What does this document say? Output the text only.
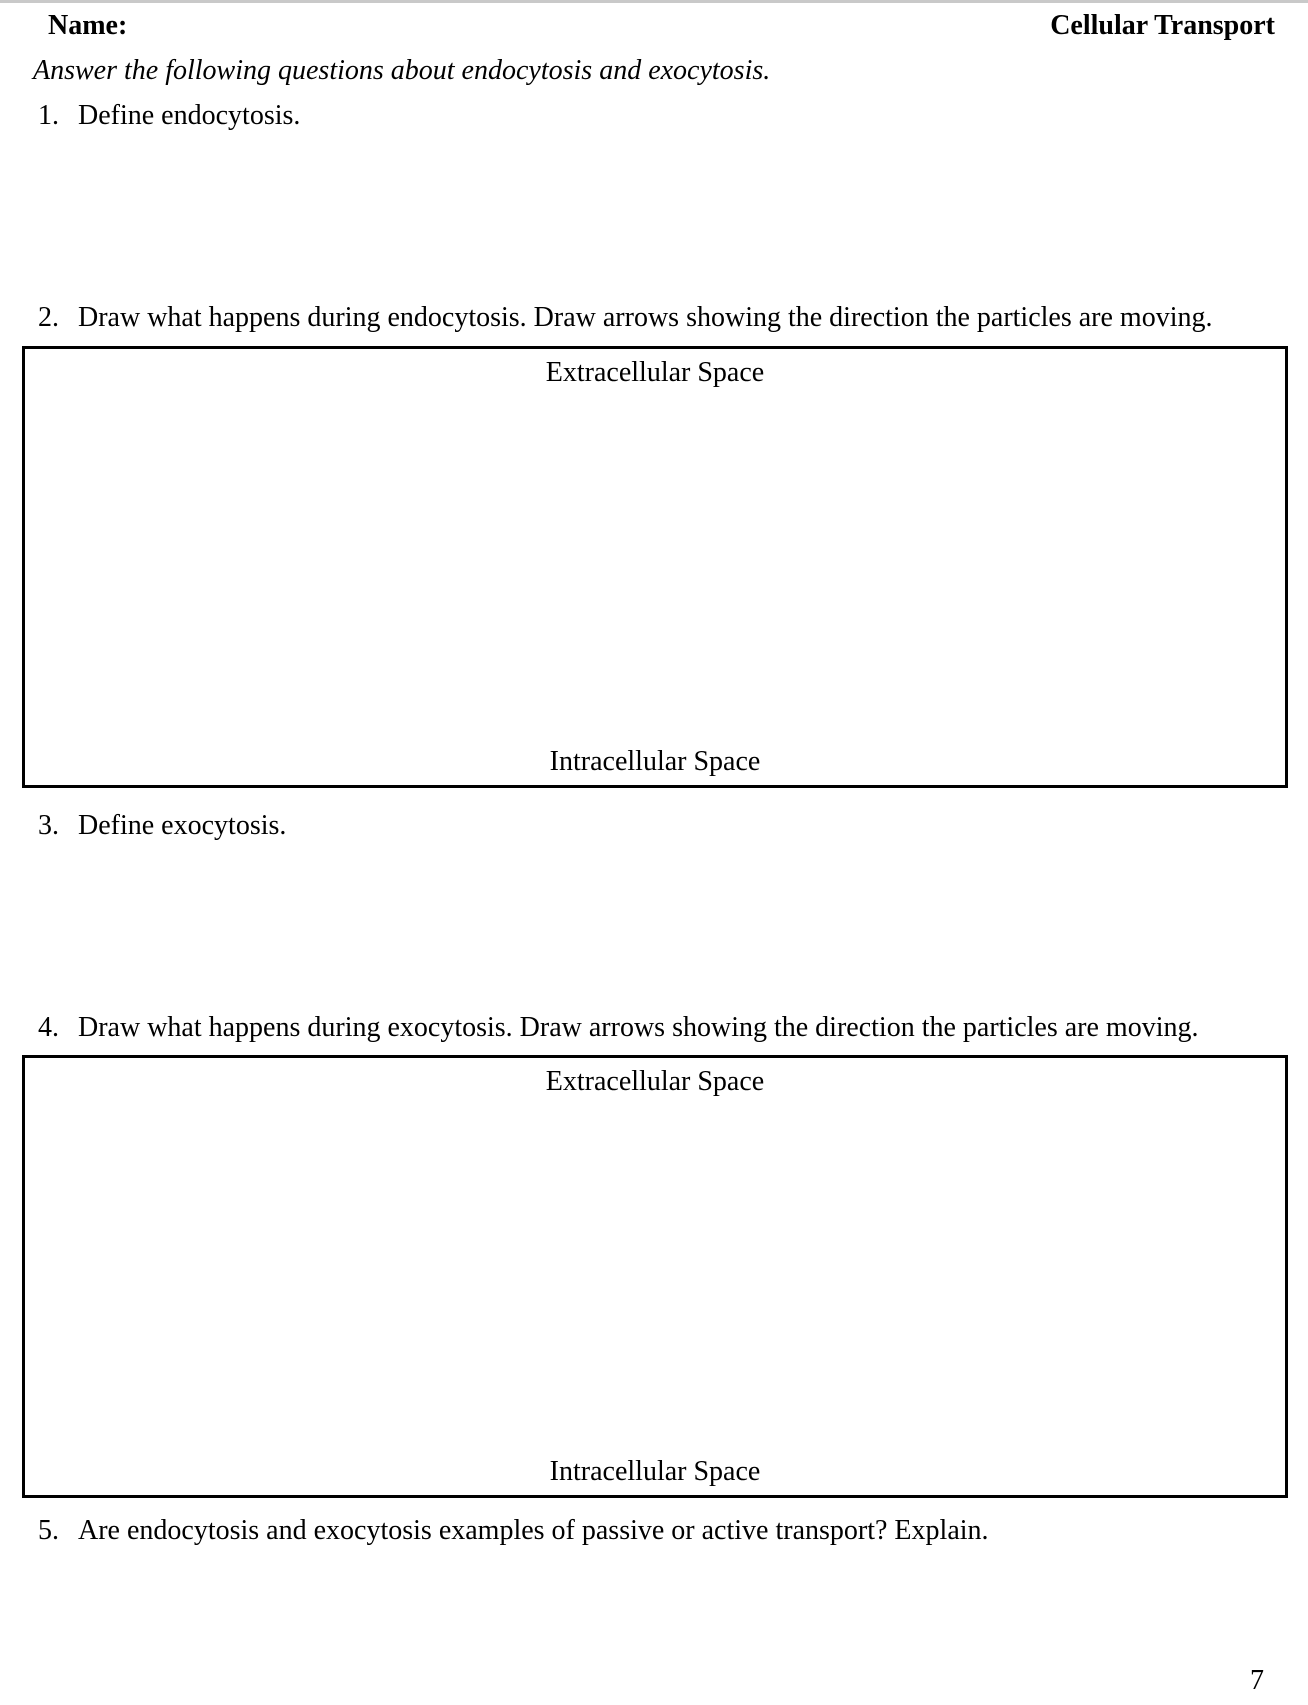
Name:	Cellular Transport
Answer the following questions about endocytosis and exocytosis.
1. Define endocytosis.
2. Draw what happens during endocytosis. Draw arrows showing the direction the particles are moving.
Extracellular Space
Intracellular Space
3. Define exocytosis.
4. Draw what happens during exocytosis. Draw arrows showing the direction the particles are moving.
Extracellular Space
Intracellular Space
5. Are endocytosis and exocytosis examples of passive or active transport? Explain.
7
